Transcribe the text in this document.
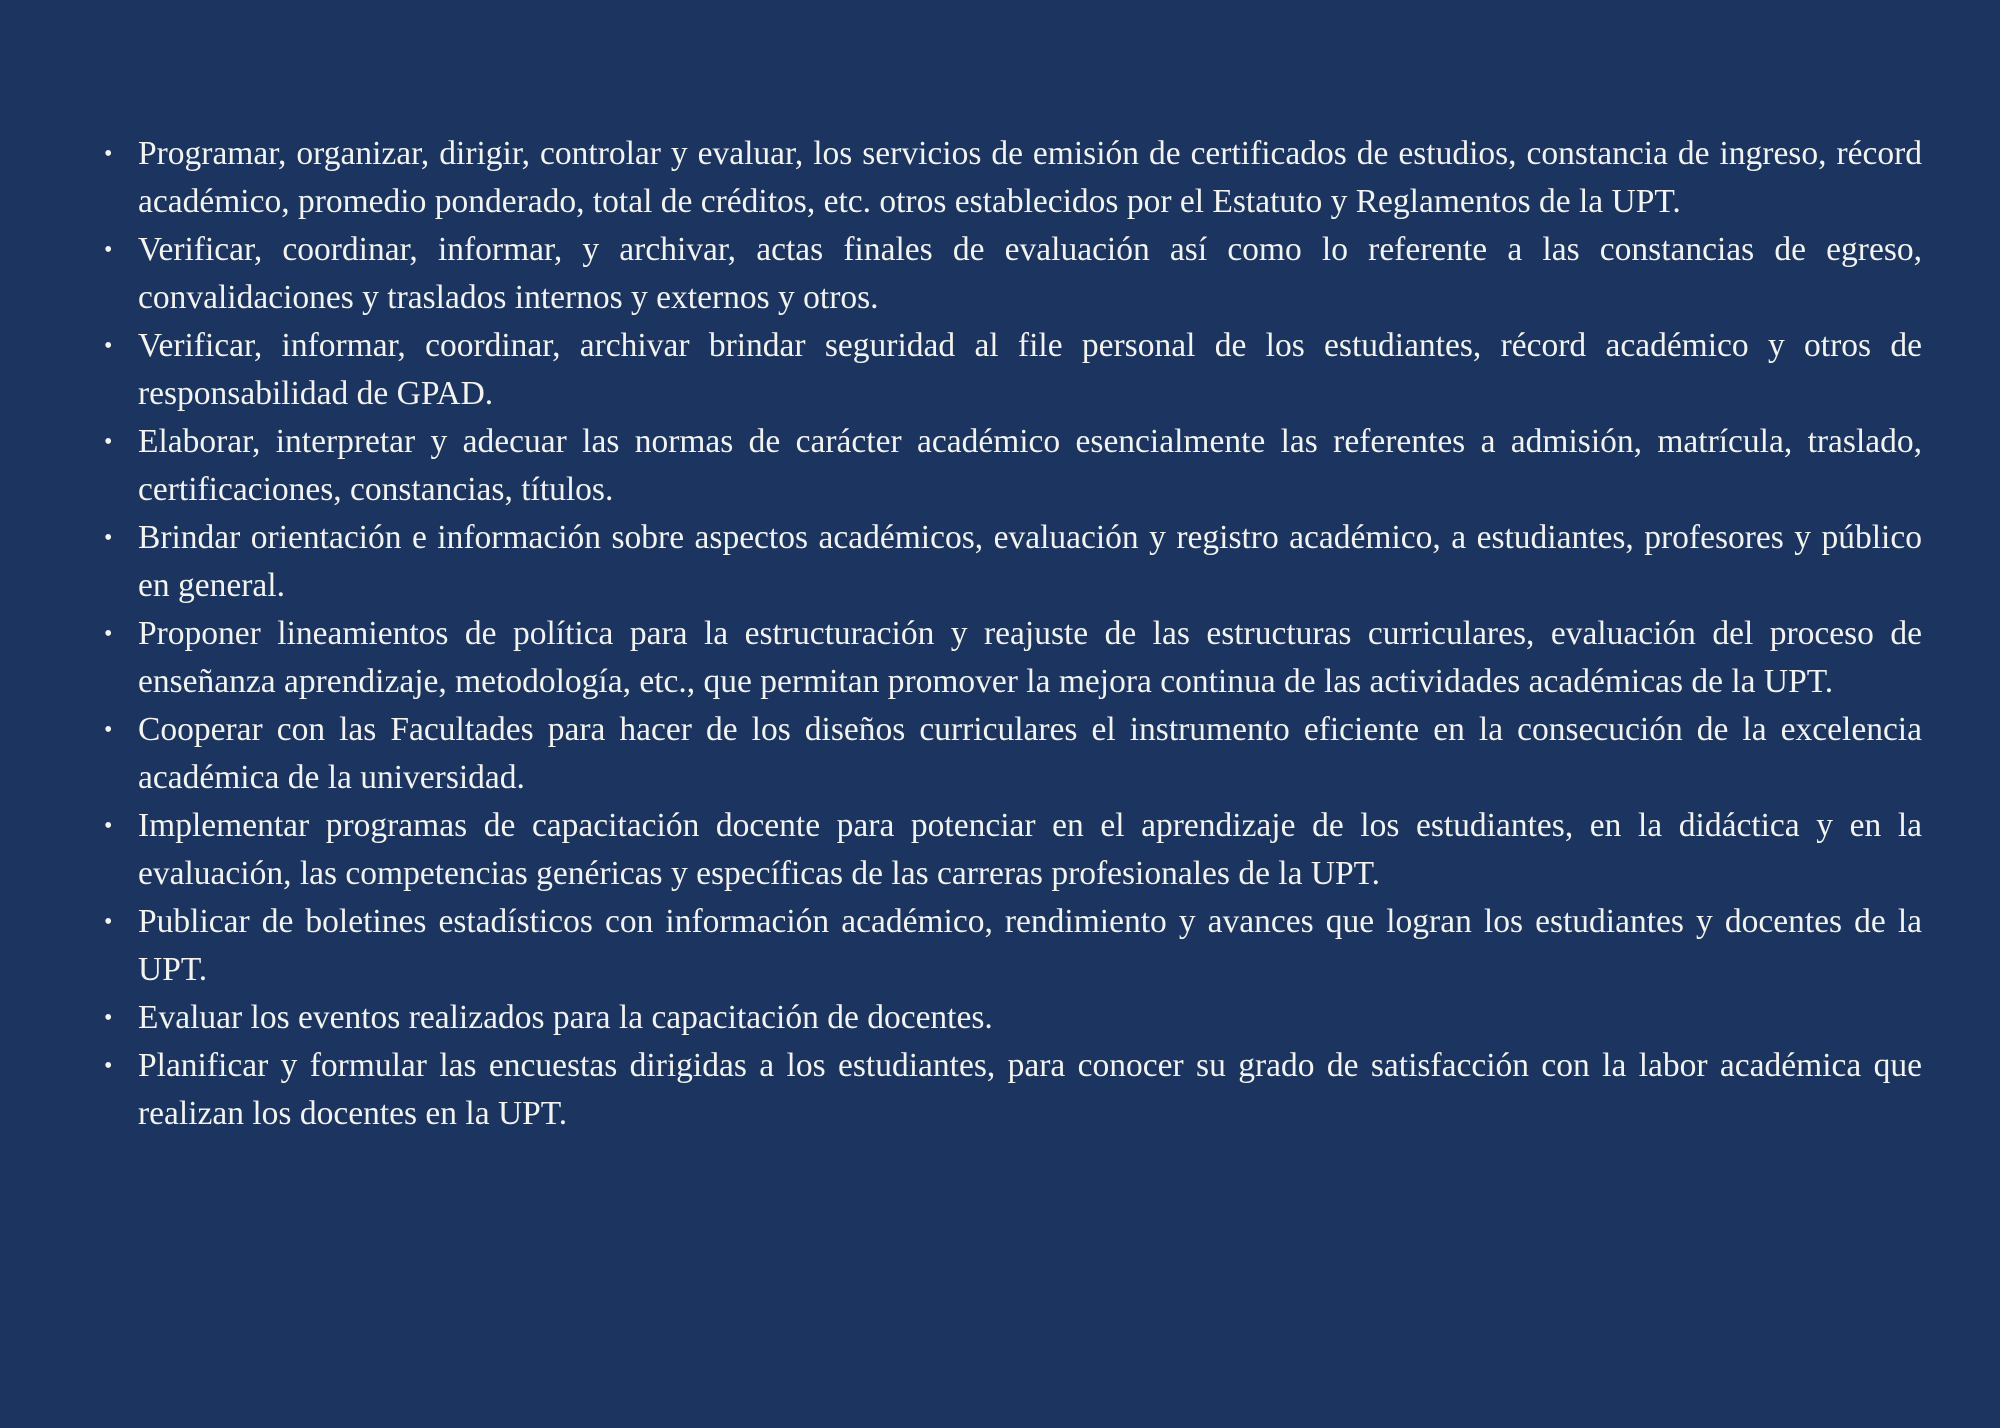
• Programar, organizar, dirigir, controlar y evaluar, los servicios de emisión de certificados de estudios, constancia de ingreso, récord académico, promedio ponderado, total de créditos, etc. otros establecidos por el Estatuto y Reglamentos de la UPT.
• Verificar, coordinar, informar, y archivar, actas finales de evaluación así como lo referente a las constancias de egreso, convalidaciones y traslados internos y externos y otros.
• Verificar, informar, coordinar, archivar brindar seguridad al file personal de los estudiantes, récord académico y otros de responsabilidad de GPAD.
• Elaborar, interpretar y adecuar las normas de carácter académico esencialmente las referentes a admisión, matrícula, traslado, certificaciones, constancias, títulos.
• Brindar orientación e información sobre aspectos académicos, evaluación y registro académico, a estudiantes, profesores y público en general.
• Proponer lineamientos de política para la estructuración y reajuste de las estructuras curriculares, evaluación del proceso de enseñanza aprendizaje, metodología, etc., que permitan promover la mejora continua de las actividades académicas de la UPT.
• Cooperar con las Facultades para hacer de los diseños curriculares el instrumento eficiente en la consecución de la excelencia académica de la universidad.
• Implementar programas de capacitación docente para potenciar en el aprendizaje de los estudiantes, en la didáctica y en la evaluación, las competencias genéricas y específicas de las carreras profesionales de la UPT.
• Publicar de boletines estadísticos con información académico, rendimiento y avances que logran los estudiantes y docentes de la UPT.
• Evaluar los eventos realizados para la capacitación de docentes.
• Planificar y formular las encuestas dirigidas a los estudiantes, para conocer su grado de satisfacción con la labor académica que realizan los docentes en la UPT.
